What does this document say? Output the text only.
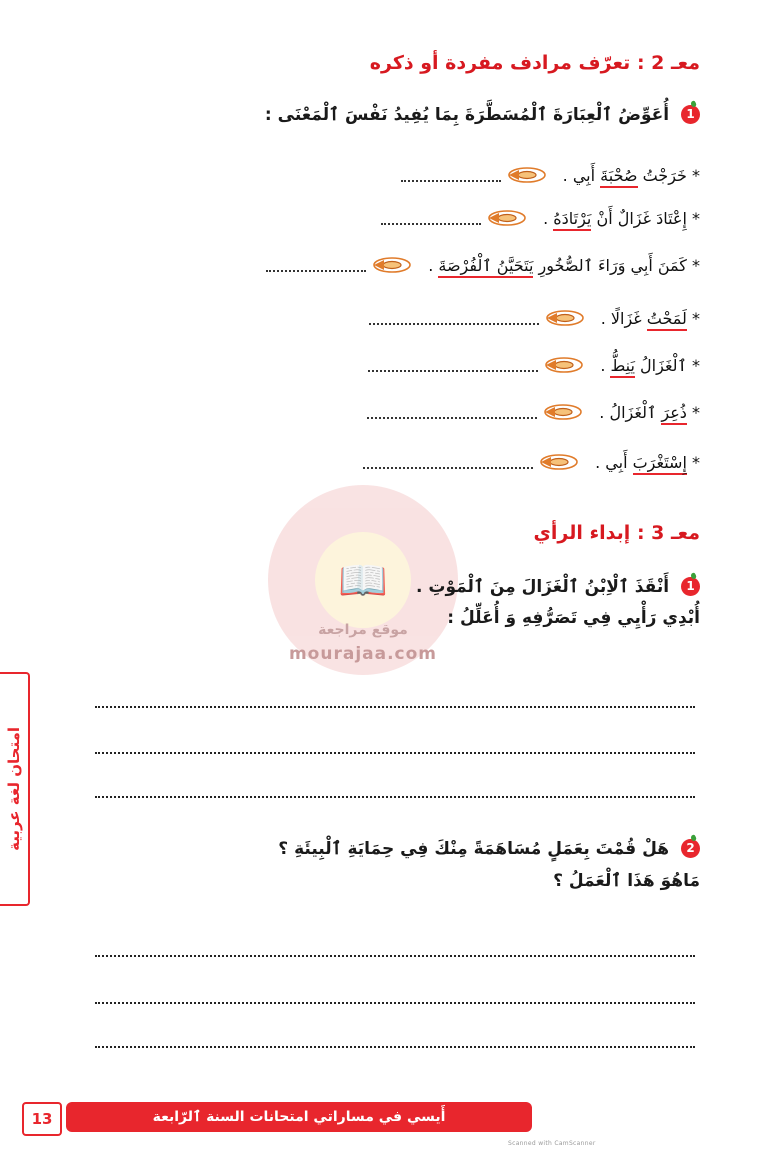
📖
موقع مراجعة
mourajaa.com
معـ 2 : تعرّف مرادف مفردة أو ذكره
1 أُعَوِّضُ ٱلْعِبَارَةَ ٱلْمُسَطَّرَةَ بِمَا يُفِيدُ نَفْسَ ٱلْمَعْنَى :
* خَرَجْتُ صُحْبَةَ أَبِي .
* إِعْتَادَ غَزَالٌ أَنْ يَرْتَادَهُ .
* كَمَنَ أَبِي وَرَاءَ ٱلصُّخُورِ يَتَحَيَّنُ ٱلْفُرْصَةَ .
* لَمَحْتُ غَزَالًا .
* ٱلْغَزَالُ يَنِطُّ .
* ذُعِرَ ٱلْغَزَالُ .
* إِسْتَغْرَبَ أَبِي .
معـ 3 : إبداء الرأي
1 أَنْقَذَ ٱلْاِبْنُ ٱلْغَزَالَ مِنَ ٱلْمَوْتِ .
أُبْدِي رَأْيِي فِي تَصَرُّفِهِ وَ أُعَلِّلُ :
2 هَلْ قُمْتَ بِعَمَلٍ مُسَاهَمَةً مِنْكَ فِي حِمَايَةِ ٱلْبِيئَةِ ؟
مَاهُوَ هَذَا ٱلْعَمَلُ ؟
امتحان لغة عربية
أَيسي في مساراتي امتحانات السنة ٱلرّابعة
13
Scanned with CamScanner
